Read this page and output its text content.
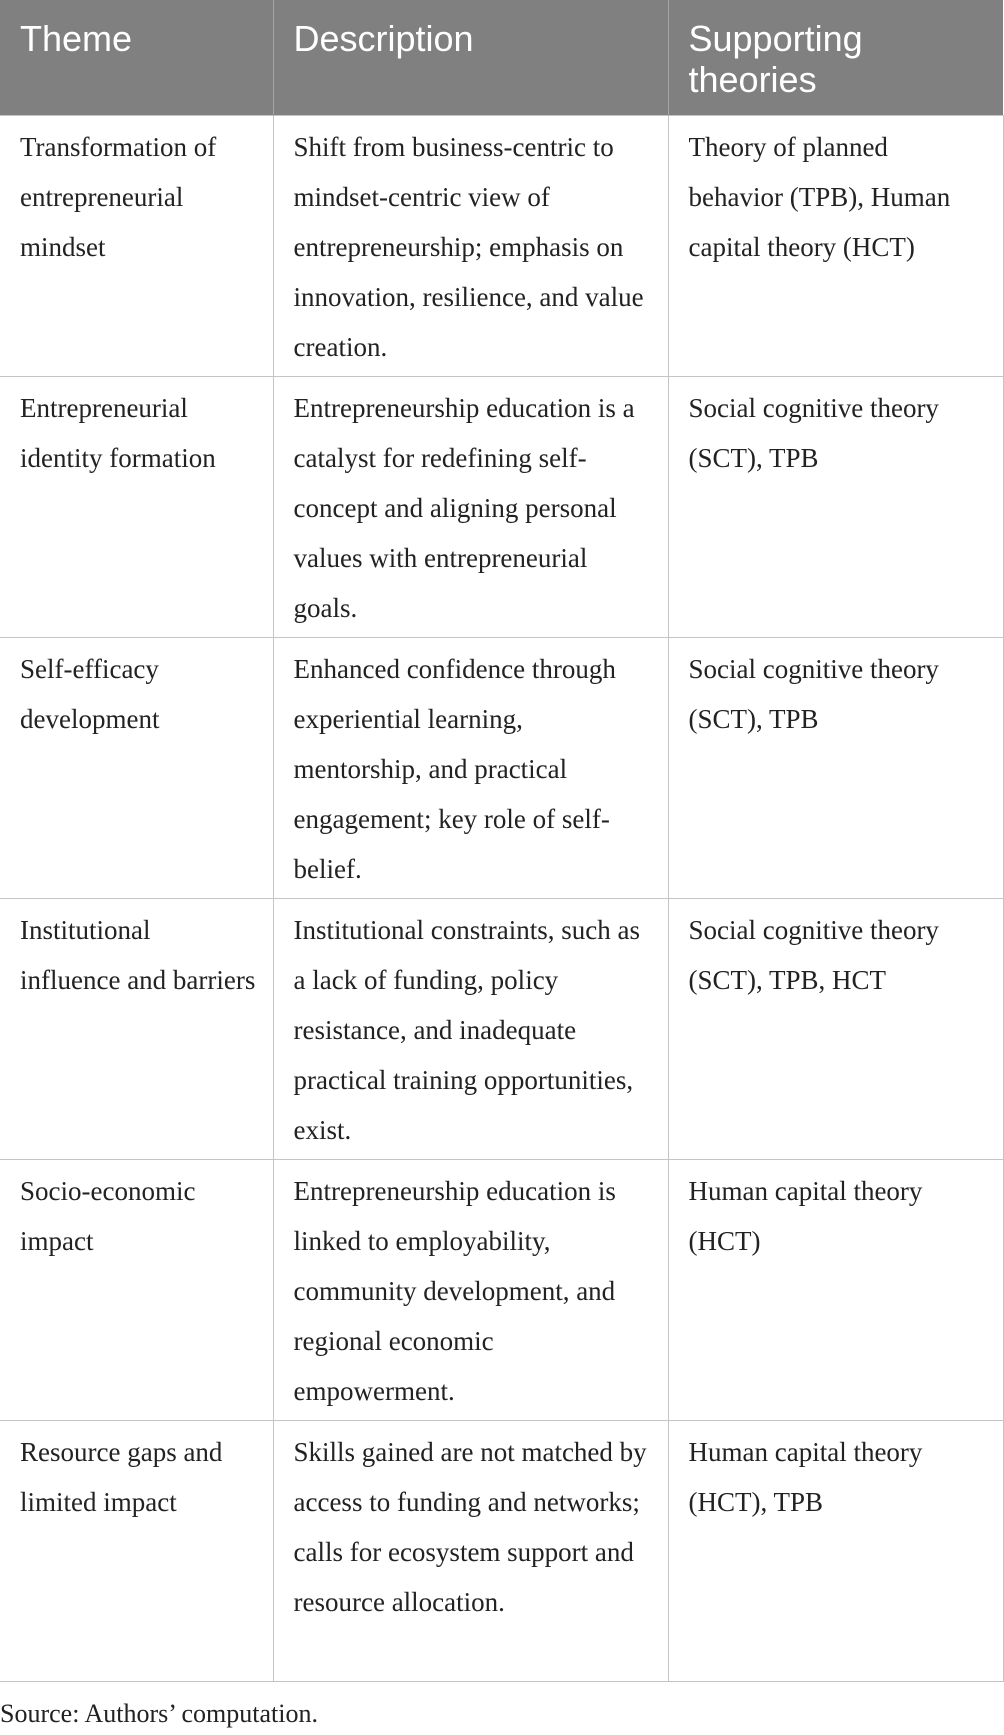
Theme	Description	Supporting theories
Transformation of entrepreneurial mindset	Shift from business-centric to mindset-centric view of entrepreneurship; emphasis on innovation, resilience, and value creation.	Theory of planned behavior (TPB), Human capital theory (HCT)
Entrepreneurial identity formation	Entrepreneurship education is a catalyst for redefining self-concept and aligning personal values with entrepreneurial goals.	Social cognitive theory (SCT), TPB
Self-efficacy development	Enhanced confidence through experiential learning, mentorship, and practical engagement; key role of self-belief.	Social cognitive theory (SCT), TPB
Institutional influence and barriers	Institutional constraints, such as a lack of funding, policy resistance, and inadequate practical training opportunities, exist.	Social cognitive theory (SCT), TPB, HCT
Socio-economic impact	Entrepreneurship education is linked to employability, community development, and regional economic empowerment.	Human capital theory (HCT)
Resource gaps and limited impact	Skills gained are not matched by access to funding and networks; calls for ecosystem support and resource allocation.	Human capital theory (HCT), TPB

Source: Authors’ computation.
